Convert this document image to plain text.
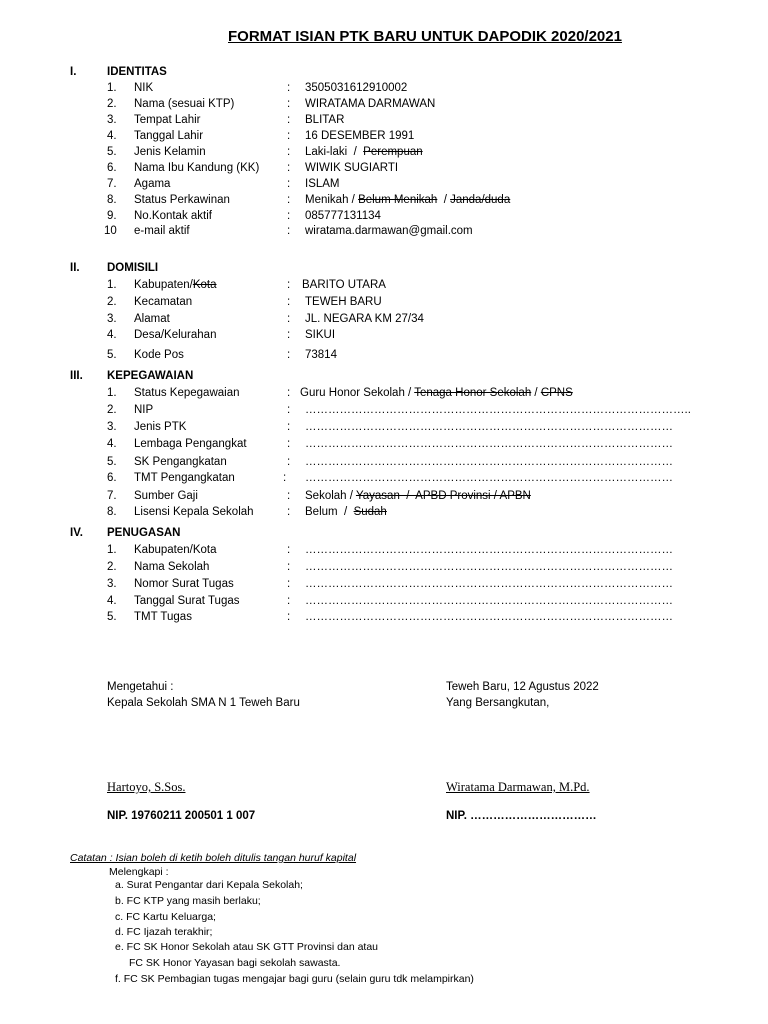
FORMAT ISIAN PTK BARU UNTUK DAPODIK 2020/2021
I.	IDENTITAS
1. NIK	: 3505031612910002
2. Nama (sesuai KTP)	: WIRATAMA DARMAWAN
3. Tempat Lahir	: BLITAR
4. Tanggal Lahir	: 16 DESEMBER 1991
5. Jenis Kelamin	: Laki-laki  /  Perempuan
6. Nama Ibu Kandung (KK) : WIWIK SUGIARTI
7. Agama	: ISLAM
8. Status Perkawinan	: Menikah / Belum Menikah  / Janda/duda
9. No.Kontak aktif	: 085777131134
10 e-mail aktif	: wiratama.darmawan@gmail.com
II. DOMISILI
1. Kabupaten/Kota	: BARITO UTARA
2. Kecamatan	: TEWEH BARU
3. Alamat	: JL. NEGARA KM 27/34
4. Desa/Kelurahan	: SIKUI
5. Kode Pos	: 73814
III. KEPEGAWAIAN
1. Status Kepegawaian	: Guru Honor Sekolah / Tenaga Honor Sekolah / CPNS
2. NIP	: ………………………………………………………………………………………..
3. Jenis PTK	: ……………………………………………………………………………………
4. Lembaga Pengangkat	: ……………………………………………………………………………………
5. SK Pengangkatan	: ……………………………………………………………………………………
6. TMT Pengangkatan	: ……………………………………………………………………………………
7. Sumber Gaji	: Sekolah / Yayasan  /  APBD Provinsi / APBN
8. Lisensi Kepala Sekolah	: Belum  /  Sudah
IV. PENUGASAN
1. Kabupaten/Kota	: ……………………………………………………………………………………
2. Nama Sekolah	: ……………………………………………………………………………………
3. Nomor Surat Tugas	: ……………………………………………………………………………………
4. Tanggal Surat Tugas	: ……………………………………………………………………………………
5. TMT Tugas	: ……………………………………………………………………………………
Mengetahui :
Kepala Sekolah SMA N 1 Teweh Baru
Hartoyo, S.Sos.
NIP. 19760211 200501 1 007
Teweh Baru, 12 Agustus 2022
Yang Bersangkutan,
Wiratama Darmawan, M.Pd.
NIP. ……………………………
Catatan : Isian boleh di ketih boleh ditulis tangan huruf kapital
Melengkapi :
a. Surat Pengantar dari Kepala Sekolah;
b. FC KTP yang masih berlaku;
c. FC Kartu Keluarga;
d. FC Ijazah terakhir;
e. FC SK Honor Sekolah atau SK GTT Provinsi dan atau
FC SK Honor Yayasan bagi sekolah sawasta.
f. FC SK Pembagian tugas mengajar bagi guru (selain guru tdk melampirkan)
